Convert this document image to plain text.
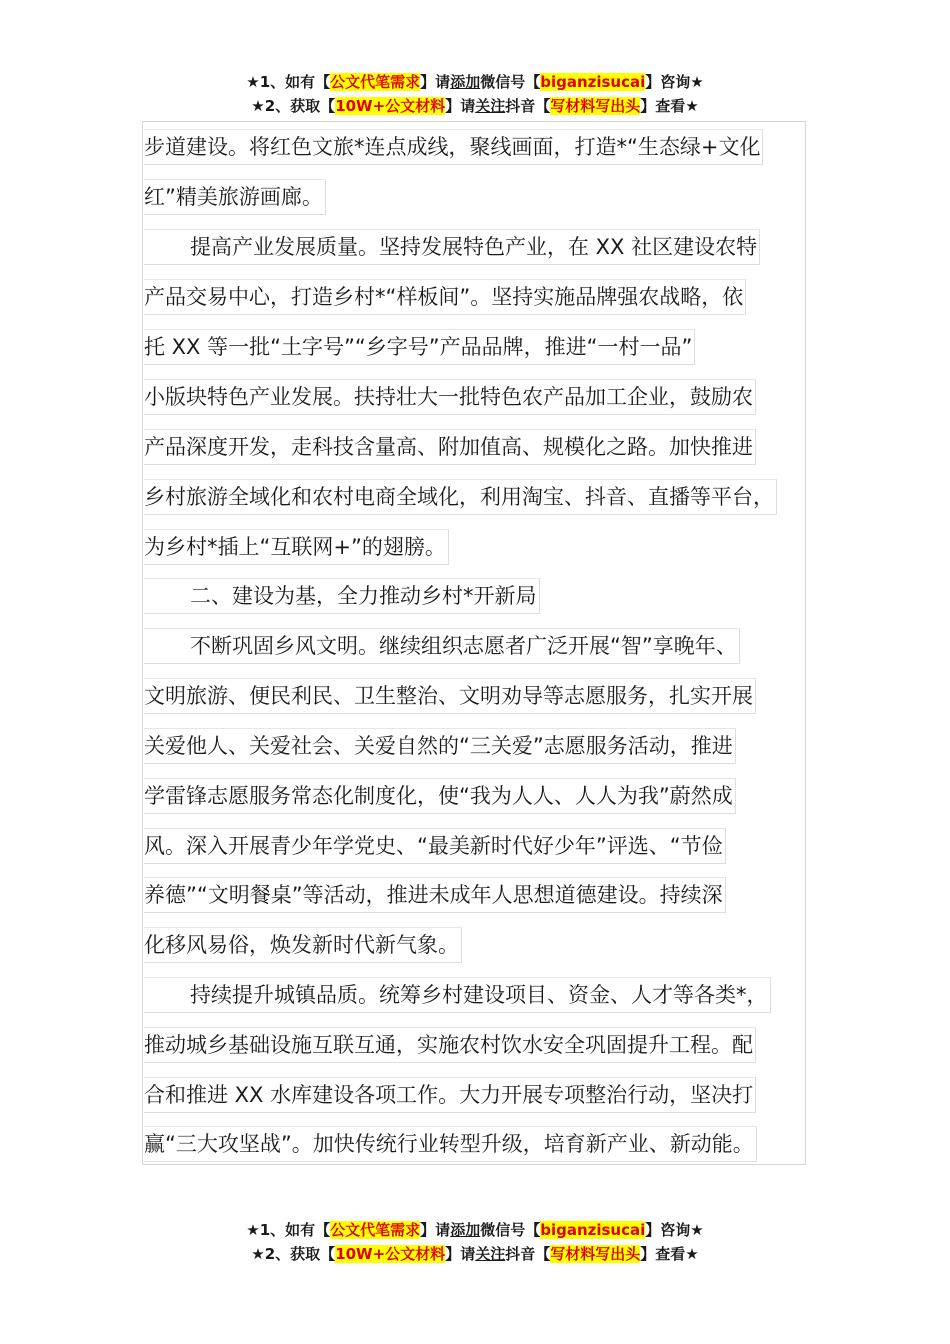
★1、如有【公文代笔需求】请添加微信号【biganzisucai】咨询★
★2、获取【10W+公文材料】请关注抖音【写材料写出头】查看★
步道建设。将红色文旅*连点成线，聚线画面，打造*“生态绿+文化
红”精美旅游画廊。
提高产业发展质量。坚持发展特色产业，在 XX 社区建设农特
产品交易中心，打造乡村*“样板间”。坚持实施品牌强农战略，依
托 XX 等一批“土字号”“乡字号”产品品牌，推进“一村一品”
小版块特色产业发展。扶持壮大一批特色农产品加工企业，鼓励农
产品深度开发，走科技含量高、附加值高、规模化之路。加快推进
乡村旅游全域化和农村电商全域化，利用淘宝、抖音、直播等平台，
为乡村*插上“互联网+”的翅膀。
二、建设为基，全力推动乡村*开新局
不断巩固乡风文明。继续组织志愿者广泛开展“智”享晚年、
文明旅游、便民利民、卫生整治、文明劝导等志愿服务，扎实开展
关爱他人、关爱社会、关爱自然的“三关爱”志愿服务活动，推进
学雷锋志愿服务常态化制度化，使“我为人人、人人为我”蔚然成
风。深入开展青少年学党史、“最美新时代好少年”评选、“节俭
养德”“文明餐桌”等活动，推进未成年人思想道德建设。持续深
化移风易俗，焕发新时代新气象。
持续提升城镇品质。统筹乡村建设项目、资金、人才等各类*，
推动城乡基础设施互联互通，实施农村饮水安全巩固提升工程。配
合和推进 XX 水库建设各项工作。大力开展专项整治行动，坚决打
赢“三大攻坚战”。加快传统行业转型升级，培育新产业、新动能。
★1、如有【公文代笔需求】请添加微信号【biganzisucai】咨询★
★2、获取【10W+公文材料】请关注抖音【写材料写出头】查看★
